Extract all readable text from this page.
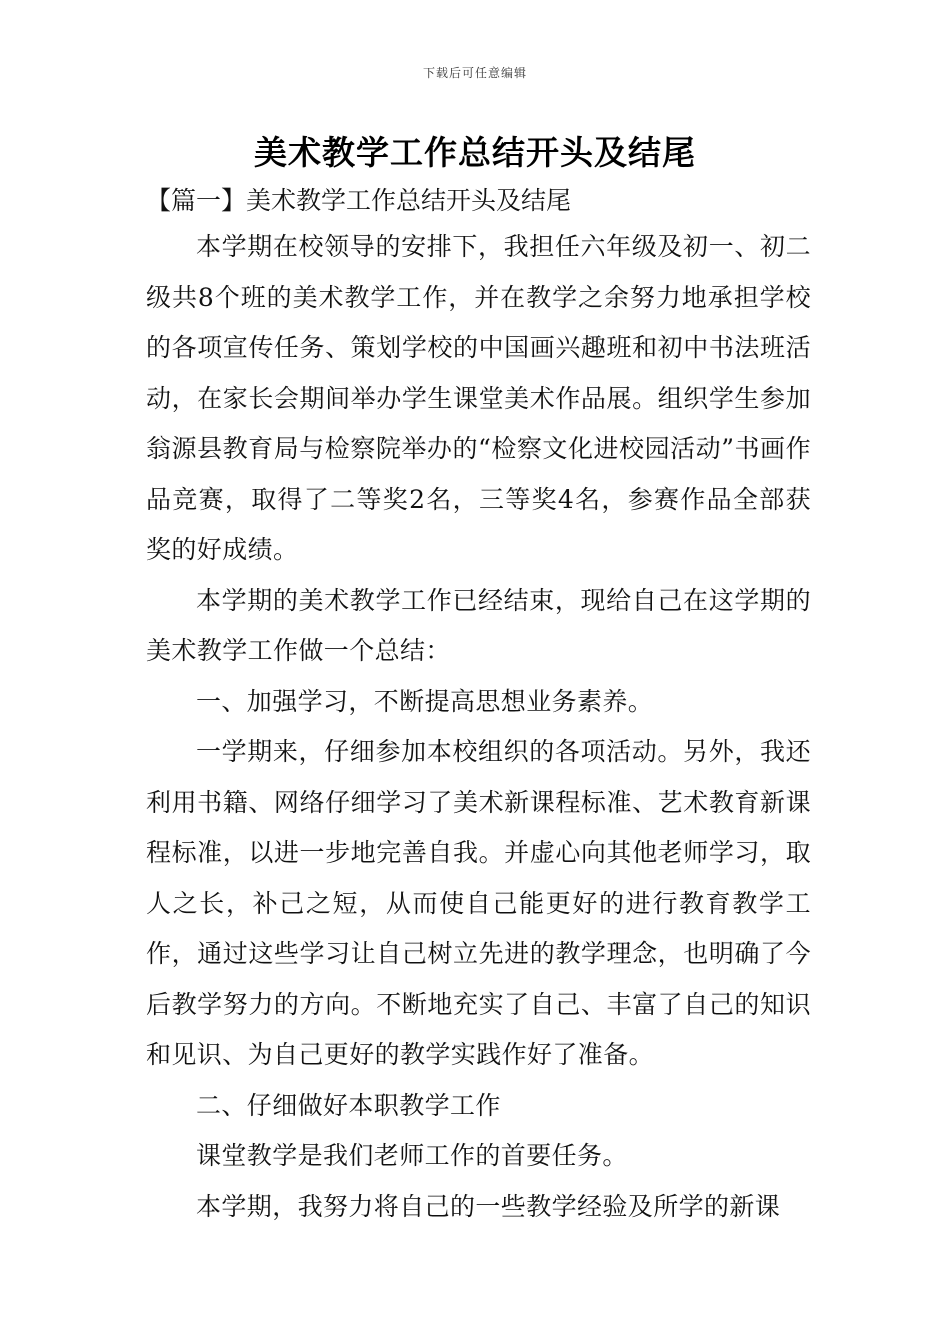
下载后可任意编辑
美术教学工作总结开头及结尾
【篇一】美术教学工作总结开头及结尾

本学期在校领导的安排下，我担任六年级及初一、初二级共8个班的美术教学工作，并在教学之余努力地承担学校的各项宣传任务、策划学校的中国画兴趣班和初中书法班活动，在家长会期间举办学生课堂美术作品展。组织学生参加翁源县教育局与检察院举办的“检察文化进校园活动”书画作品竞赛，取得了二等奖2名，三等奖4名，参赛作品全部获奖的好成绩。

本学期的美术教学工作已经结束，现给自己在这学期的美术教学工作做一个总结：

一、加强学习，不断提高思想业务素养。

一学期来，仔细参加本校组织的各项活动。另外，我还利用书籍、网络仔细学习了美术新课程标准、艺术教育新课程标准，以进一步地完善自我。并虚心向其他老师学习，取人之长，补己之短，从而使自己能更好的进行教育教学工作，通过这些学习让自己树立先进的教学理念，也明确了今后教学努力的方向。不断地充实了自己、丰富了自己的知识和见识、为自己更好的教学实践作好了准备。

二、仔细做好本职教学工作

课堂教学是我们老师工作的首要任务。

本学期，我努力将自己的一些教学经验及所学的新课
